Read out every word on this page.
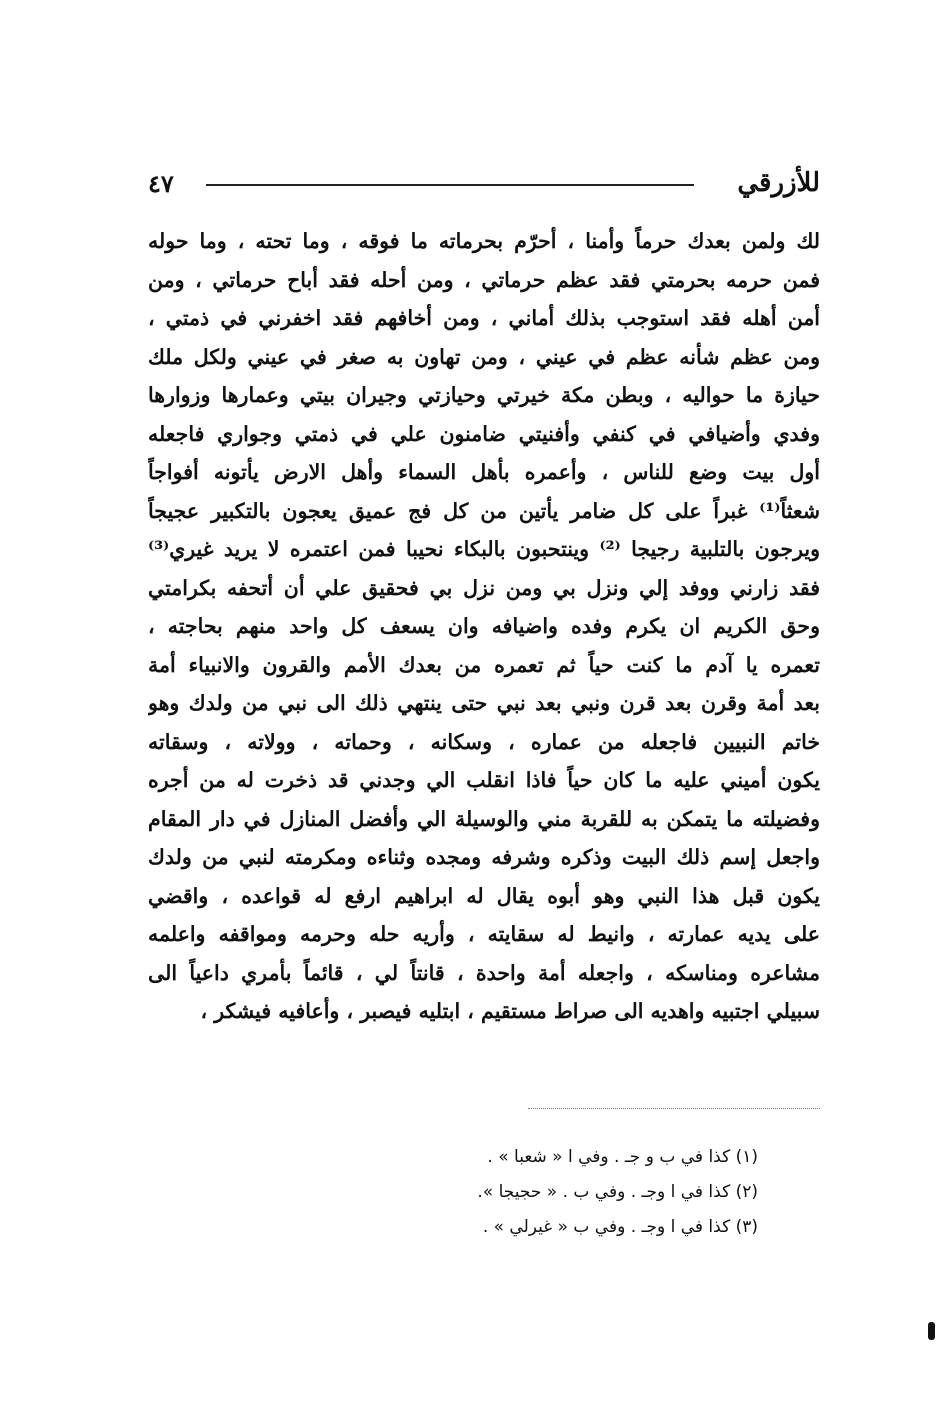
للأزرقي
٤٧
لك ولمن بعدك حرماً وأمنا ، أحرّم بحرماته ما فوقه ، وما تحته ، وما حوله
فمن حرمه بحرمتي فقد عظم حرماتي ، ومن أحله فقد أباح حرماتي ، ومن
أمن أهله فقد استوجب بذلك أماني ، ومن أخافهم فقد اخفرني في ذمتي ،
ومن عظم شأنه عظم في عيني ، ومن تهاون به صغر في عيني ولكل ملك
حيازة ما حواليه ، وبطن مكة خيرتي وحيازتي وجيران بيتي وعمارها وزوارها
وفدي وأضيافي في كنفي وأفنيتي ضامنون علي في ذمتي وجواري فاجعله
أول بيت وضع للناس ، وأعمره بأهل السماء وأهل الارض يأتونه أفواجاً
شعثاً⁽¹⁾ غبراً على كل ضامر يأتين من كل فج عميق يعجون بالتكبير عجيجاً
ويرجون بالتلبية رجيجا ⁽²⁾ وينتحبون بالبكاء نحيبا فمن اعتمره لا يريد غيري⁽³⁾
فقد زارني ووفد إلي ونزل بي ومن نزل بي فحقيق علي أن أتحفه بكرامتي
وحق الكريم ان يكرم وفده واضيافه وان يسعف كل واحد منهم بحاجته ،
تعمره يا آدم ما كنت حياً ثم تعمره من بعدك الأمم والقرون والانبياء أمة
بعد أمة وقرن بعد قرن ونبي بعد نبي حتى ينتهي ذلك الى نبي من ولدك وهو
خاتم النبيين فاجعله من عماره ، وسكانه ، وحماته ، وولاته ، وسقاته
يكون أميني عليه ما كان حياً فاذا انقلب الي وجدني قد ذخرت له من أجره
وفضيلته ما يتمكن به للقربة مني والوسيلة الي وأفضل المنازل في دار المقام
واجعل إسم ذلك البيت وذكره وشرفه ومجده وثناءه ومكرمته لنبي من ولدك
يكون قبل هذا النبي وهو أبوه يقال له ابراهيم ارفع له قواعده ، واقضي
على يديه عمارته ، وانيط له سقايته ، وأريه حله وحرمه ومواقفه واعلمه
مشاعره ومناسكه ، واجعله أمة واحدة ، قانتاً لي ، قائماً بأمري داعياً الى
سبيلي اجتبيه واهديه الى صراط مستقيم ، ابتليه فيصبر ، وأعافيه فيشكر ،
(١) كذا في ب و جـ . وفي ا « شعبا » .
(٢) كذا في ا وجـ . وفي ب . « حجيجا ».
(٣) كذا في ا وجـ . وفي ب « غيرلي » .
